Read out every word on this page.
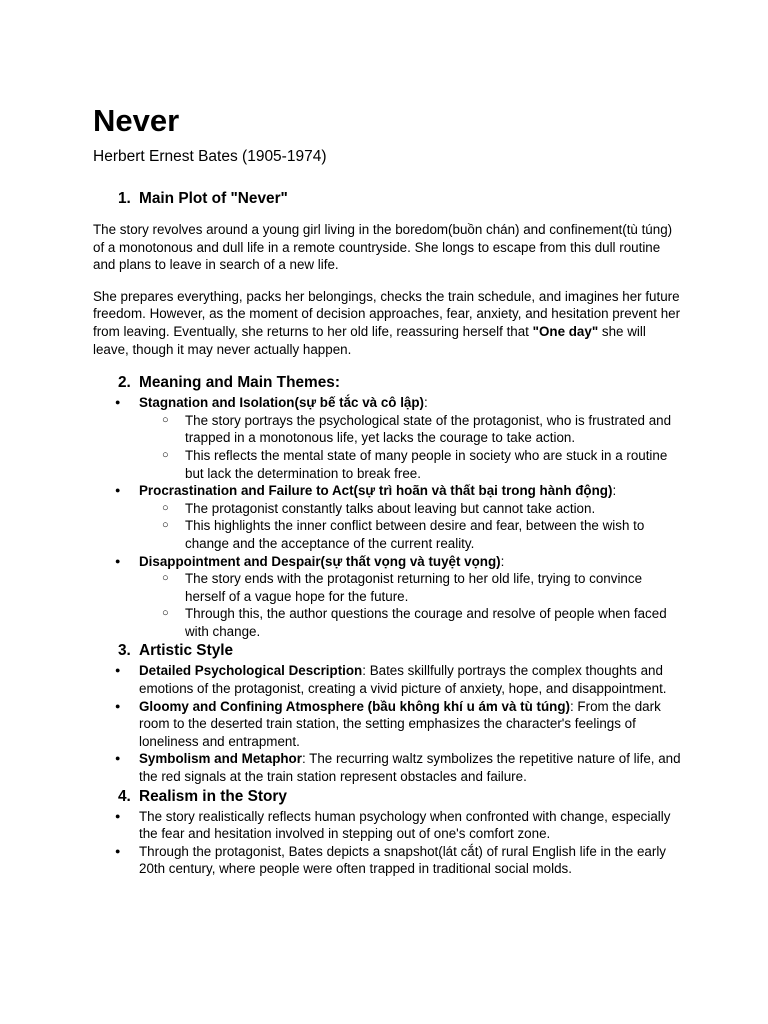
Never

Herbert Ernest Bates (1905-1974)

1. Main Plot of "Never"

The story revolves around a young girl living in the boredom(buồn chán) and confinement(tù túng) of a monotonous and dull life in a remote countryside. She longs to escape from this dull routine and plans to leave in search of a new life.

She prepares everything, packs her belongings, checks the train schedule, and imagines her future freedom. However, as the moment of decision approaches, fear, anxiety, and hesitation prevent her from leaving. Eventually, she returns to her old life, reassuring herself that "One day" she will leave, though it may never actually happen.

2. Meaning and Main Themes:
● Stagnation and Isolation(sự bế tắc và cô lập):
○ The story portrays the psychological state of the protagonist, who is frustrated and trapped in a monotonous life, yet lacks the courage to take action.
○ This reflects the mental state of many people in society who are stuck in a routine but lack the determination to break free.
● Procrastination and Failure to Act(sự trì hoãn và thất bại trong hành động):
○ The protagonist constantly talks about leaving but cannot take action.
○ This highlights the inner conflict between desire and fear, between the wish to change and the acceptance of the current reality.
● Disappointment and Despair(sự thất vọng và tuyệt vọng):
○ The story ends with the protagonist returning to her old life, trying to convince herself of a vague hope for the future.
○ Through this, the author questions the courage and resolve of people when faced with change.
3. Artistic Style
● Detailed Psychological Description: Bates skillfully portrays the complex thoughts and emotions of the protagonist, creating a vivid picture of anxiety, hope, and disappointment.
● Gloomy and Confining Atmosphere (bầu không khí u ám và tù túng): From the dark room to the deserted train station, the setting emphasizes the character's feelings of loneliness and entrapment.
● Symbolism and Metaphor: The recurring waltz symbolizes the repetitive nature of life, and the red signals at the train station represent obstacles and failure.
4. Realism in the Story
● The story realistically reflects human psychology when confronted with change, especially the fear and hesitation involved in stepping out of one's comfort zone.
● Through the protagonist, Bates depicts a snapshot(lát cắt) of rural English life in the early 20th century, where people were often trapped in traditional social molds.
